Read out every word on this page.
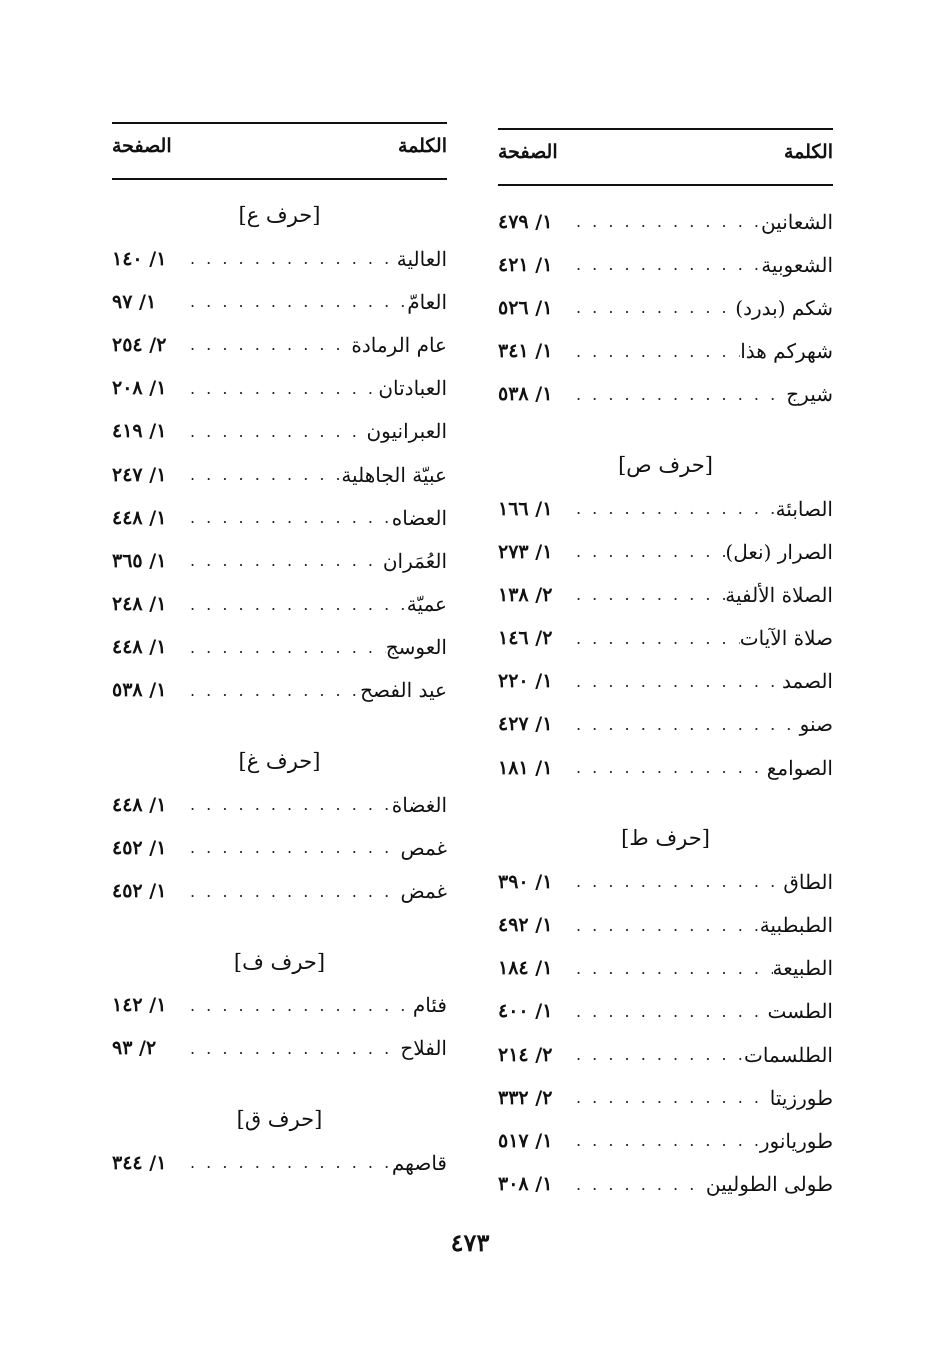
الكلمة
الصفحة
الشعانين
. . .
١/ ٤٧٩
الشعوبية
. . .
١/ ٤٢١
شكم (بدرد)
. . .
١/ ٥٢٦
شهركم هذا
. . .
١/ ٣٤١
شيرج
. . .
١/ ٥٣٨
[حرف ص]
الصابئة
. . .
١/ ١٦٦
الصرار (نعل)
. . .
١/ ٢٧٣
الصلاة الألفية
. . .
٢/ ١٣٨
صلاة الآيات
. . .
٢/ ١٤٦
الصمد
. . .
١/ ٢٢٠
صنو
. . .
١/ ٤٢٧
الصوامع
. . .
١/ ١٨١
[حرف ط]
الطاق
. . .
١/ ٣٩٠
الطبطبية
. . .
١/ ٤٩٢
الطبيعة
. . .
١/ ١٨٤
الطست
. . .
١/ ٤٠٠
الطلسمات
. . .
٢/ ٢١٤
طورزيتا
. . .
٢/ ٣٣٢
طوريانور
. . .
١/ ٥١٧
طولى الطوليين
. . .
١/ ٣٠٨
الكلمة
الصفحة
[حرف ع]
العالية
. . .
١/ ١٤٠
العامّ
. . .
١/ ٩٧
عام الرمادة
. . .
٢/ ٢٥٤
العبادتان
. . .
١/ ٢٠٨
العبرانيون
. . .
١/ ٤١٩
عبيّة الجاهلية
. . .
١/ ٢٤٧
العضاه
. . .
١/ ٤٤٨
العُمَران
. . .
١/ ٣٦٥
عميّة
. . .
١/ ٢٤٨
العوسج
. . .
١/ ٤٤٨
عيد الفصح
. . .
١/ ٥٣٨
[حرف غ]
الغضاة
. . .
١/ ٤٤٨
غمص
. . .
١/ ٤٥٢
غمض
. . .
١/ ٤٥٢
[حرف ف]
فئام
. . .
١/ ١٤٢
الفلاح
. . .
٢/ ٩٣
[حرف ق]
قاصهم
. . .
١/ ٣٤٤
٤٧٣
